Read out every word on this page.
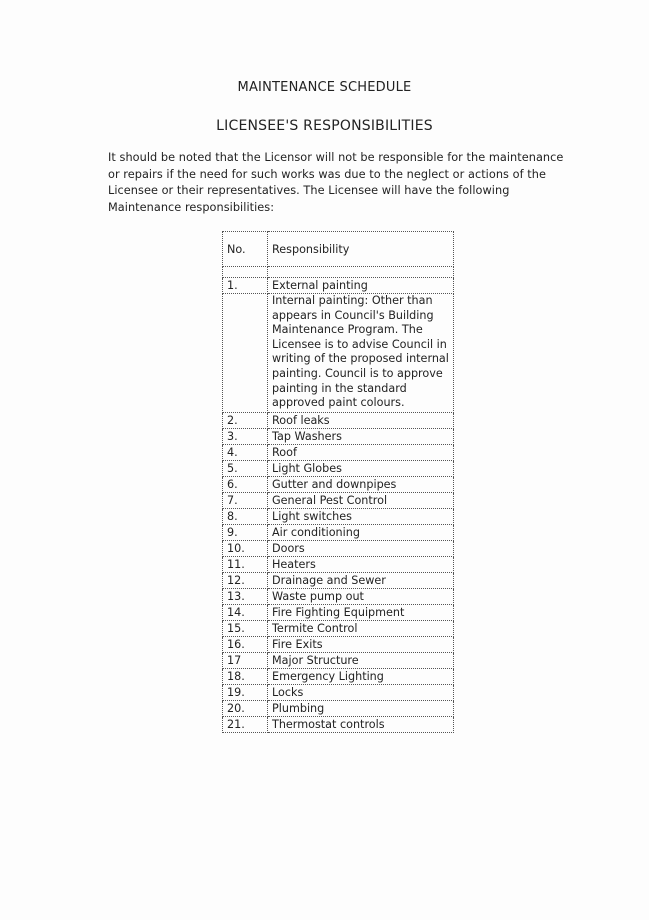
MAINTENANCE SCHEDULE
LICENSEE'S RESPONSIBILITIES
It should be noted that the Licensor will not be responsible for the maintenance or repairs if the need for such works was due to the neglect or actions of the Licensee or their representatives. The Licensee will have the following Maintenance responsibilities:
No.	Responsibility

1.	External painting
	Internal painting: Other than appears in Council's Building Maintenance Program. The Licensee is to advise Council in writing of the proposed internal painting. Council is to approve painting in the standard approved paint colours.
2.	Roof leaks
3.	Tap Washers
4.	Roof
5.	Light Globes
6.	Gutter and downpipes
7.	General Pest Control
8.	Light switches
9.	Air conditioning
10.	Doors
11.	Heaters
12.	Drainage and Sewer
13.	Waste pump out
14.	Fire Fighting Equipment
15.	Termite Control
16.	Fire Exits
17	Major Structure
18.	Emergency Lighting
19.	Locks
20.	Plumbing
21.	Thermostat controls
